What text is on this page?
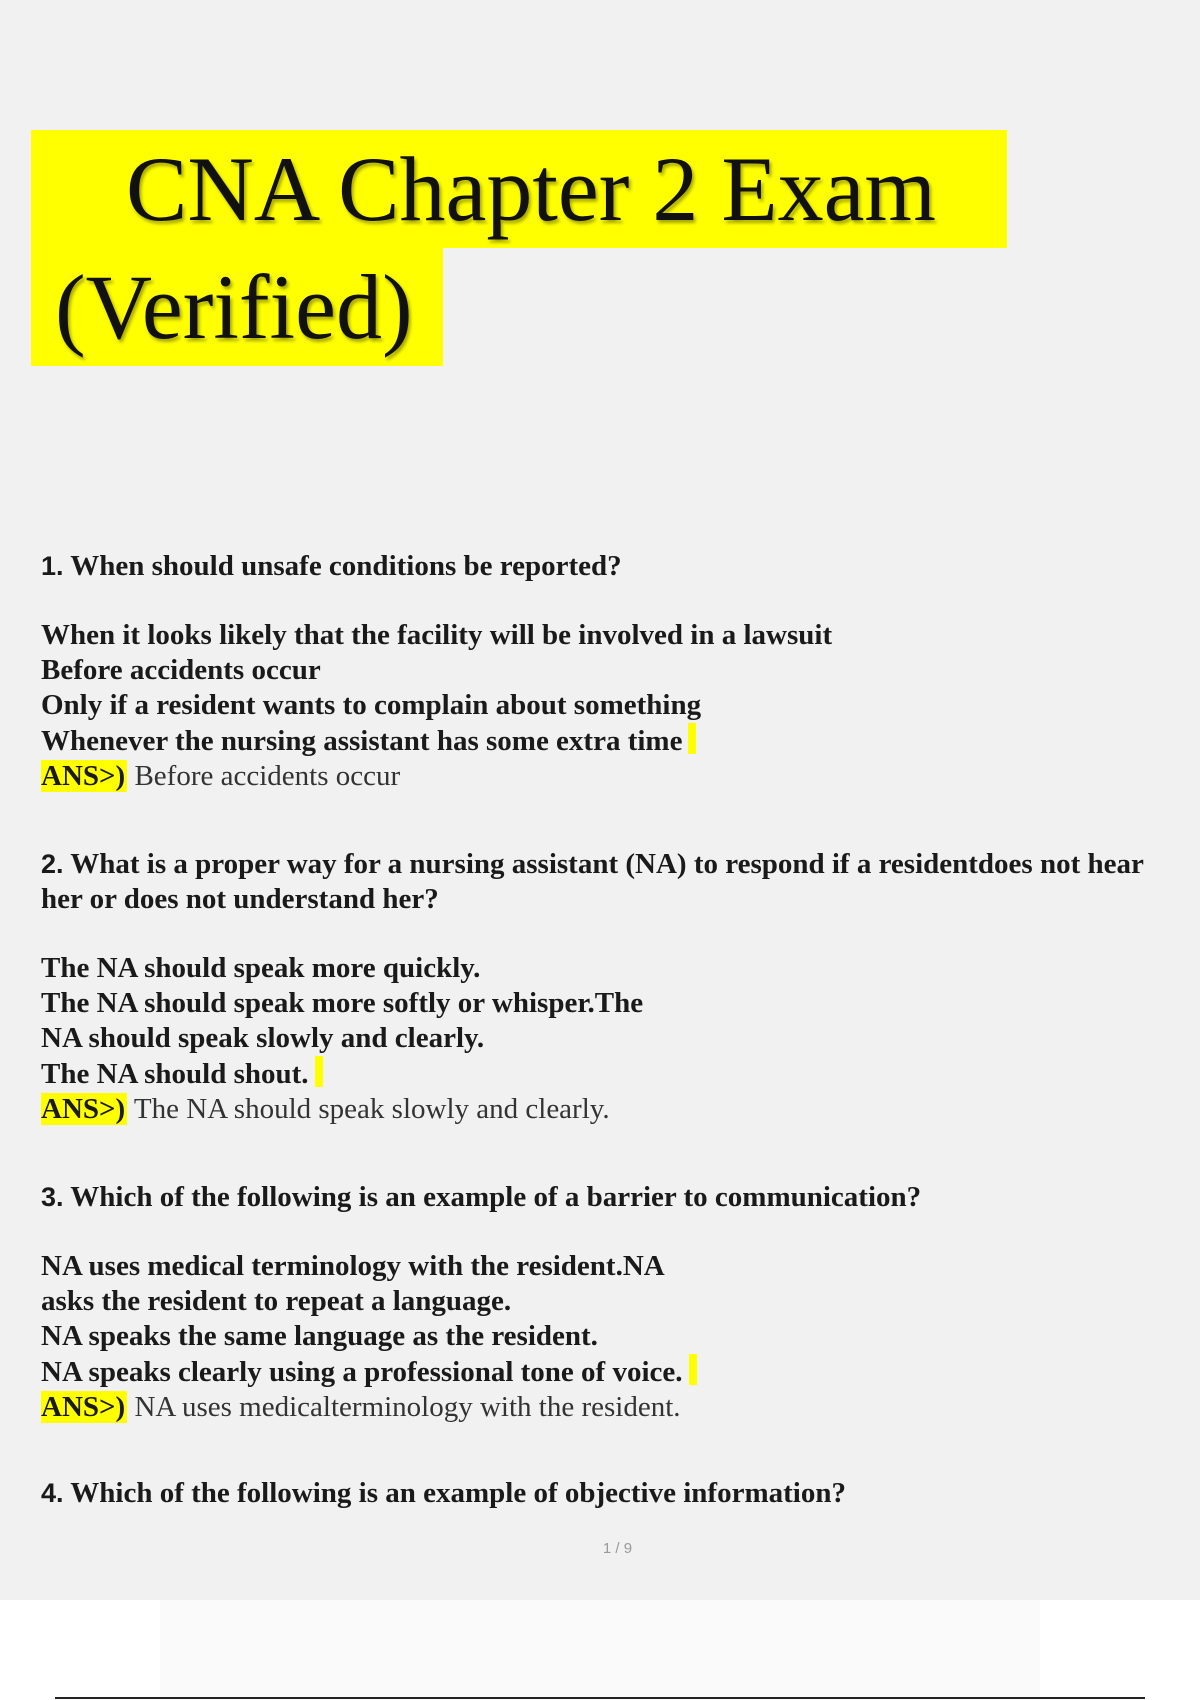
CNA Chapter 2 Exam
(Verified)
1. When should unsafe conditions be reported?
When it looks likely that the facility will be involved in a lawsuit
Before accidents occur
Only if a resident wants to complain about something
Whenever the nursing assistant has some extra time
ANS>) Before accidents occur
2. What is a proper way for a nursing assistant (NA) to respond if a residentdoes not hear her or does not understand her?
The NA should speak more quickly.
The NA should speak more softly or whisper.The
NA should speak slowly and clearly.
The NA should shout.
ANS>) The NA should speak slowly and clearly.
3. Which of the following is an example of a barrier to communication?
NA uses medical terminology with the resident.NA
asks the resident to repeat a language.
NA speaks the same language as the resident.
NA speaks clearly using a professional tone of voice.
ANS>) NA uses medicalterminology with the resident.
4. Which of the following is an example of objective information?
1 / 9
